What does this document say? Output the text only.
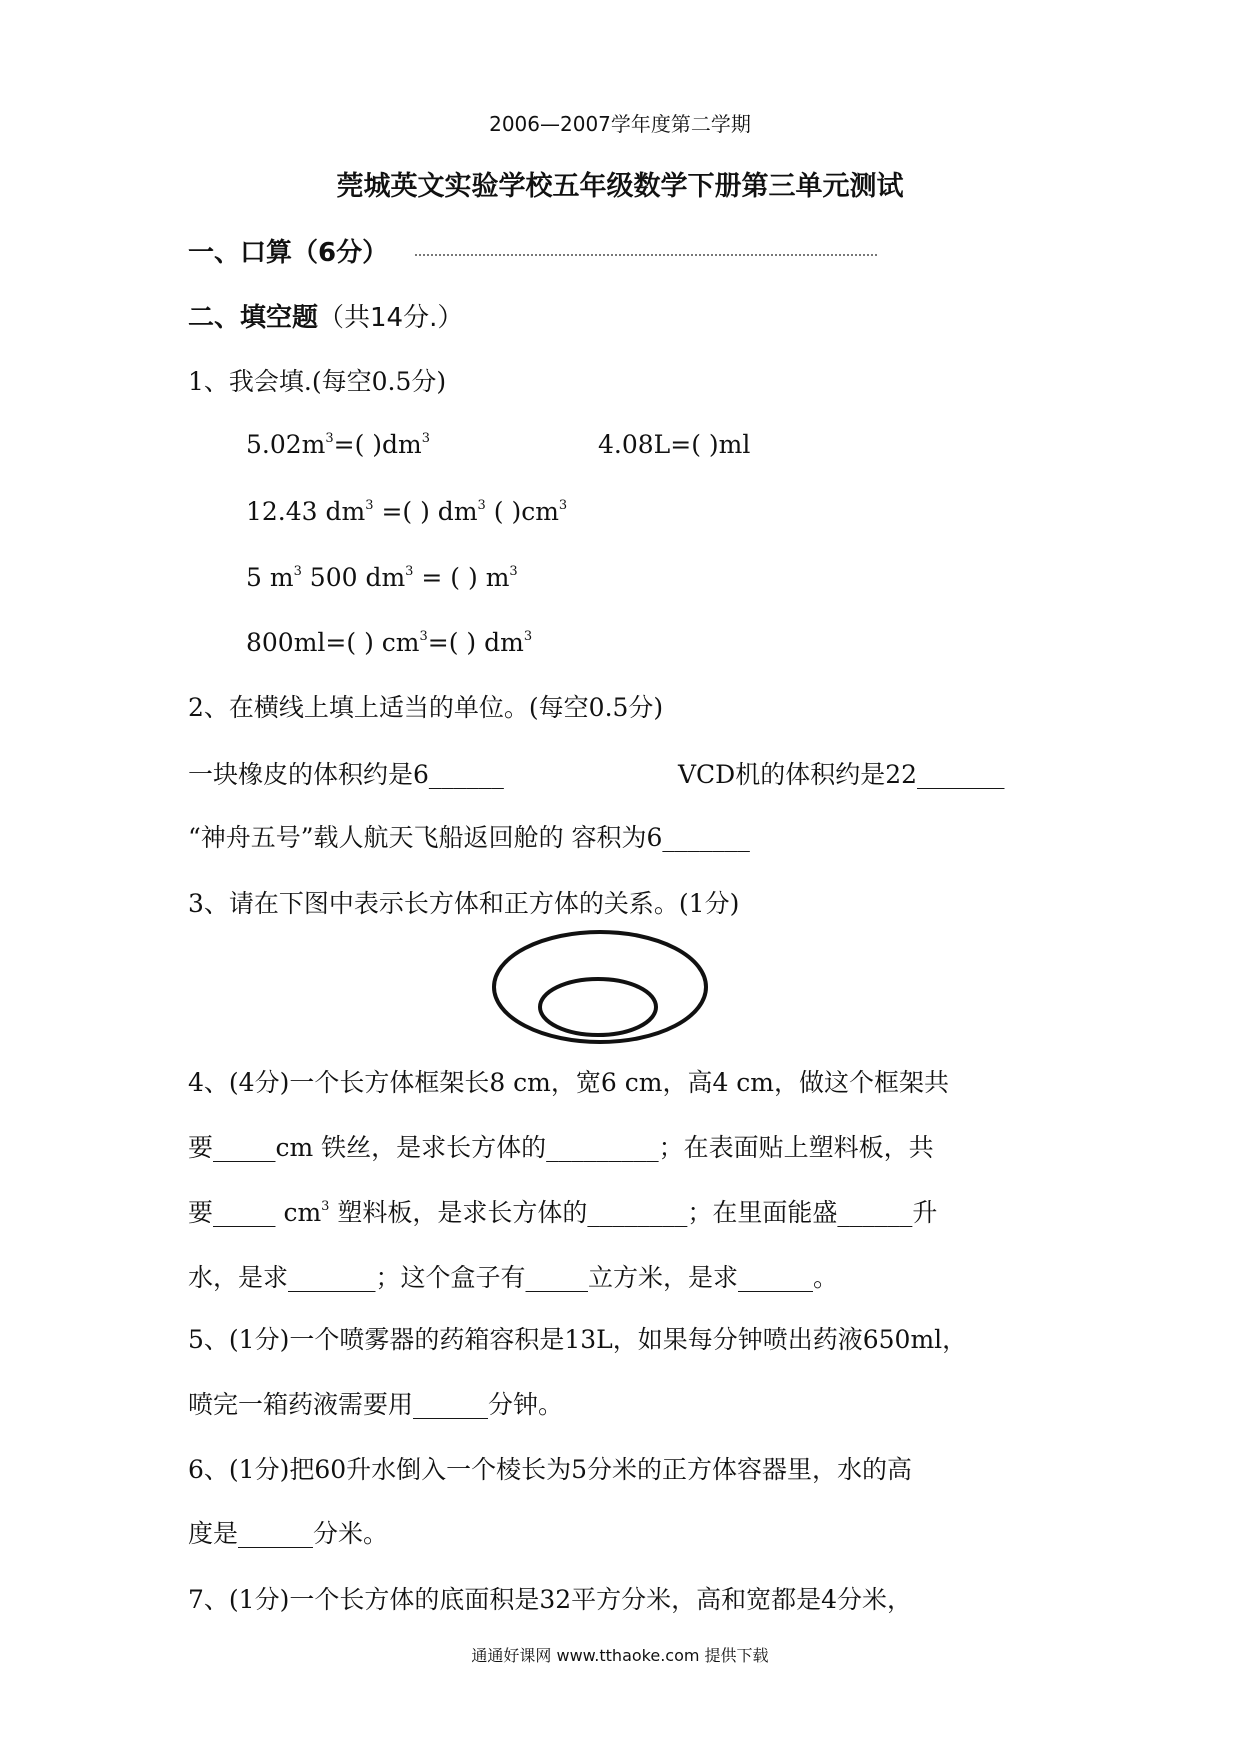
2006—2007学年度第二学期
莞城英文实验学校五年级数学下册第三单元测试
一、口算（6分）
二、填空题（共14分.）
1、我会填.(每空0.5分)
$5.02m^3=$( )$dm^3$	4.08L=( )ml
12.43 $dm^3$ =( ) $dm^3$ ( )$cm^3$
5 $m^3$ 500 $dm^3$ = ( ) $m^3$
800ml=( ) $cm^3=$( ) $dm^3$
2、在横线上填上适当的单位。(每空0.5分)
一块橡皮的体积约是6______	VCD机的体积约是22_______
“神舟五号”载人航天飞船返回舱的 容积为6_______
3、请在下图中表示长方体和正方体的关系。(1分)
4、(4分)一个长方体框架长8 cm，宽6 cm，高4 cm，做这个框架共
要_____cm 铁丝，是求长方体的_________；在表面贴上塑料板，共
要_____ $cm^3$ 塑料板，是求长方体的________；在里面能盛______升
水，是求_______；这个盒子有_____立方米，是求______。
5、(1分)一个喷雾器的药箱容积是13L，如果每分钟喷出药液650ml，
喷完一箱药液需要用______分钟。
6、(1分)把60升水倒入一个棱长为5分米的正方体容器里，水的高
度是______分米。
7、(1分)一个长方体的底面积是32平方分米，高和宽都是4分米，
通通好课网 www.tthaoke.com 提供下载
